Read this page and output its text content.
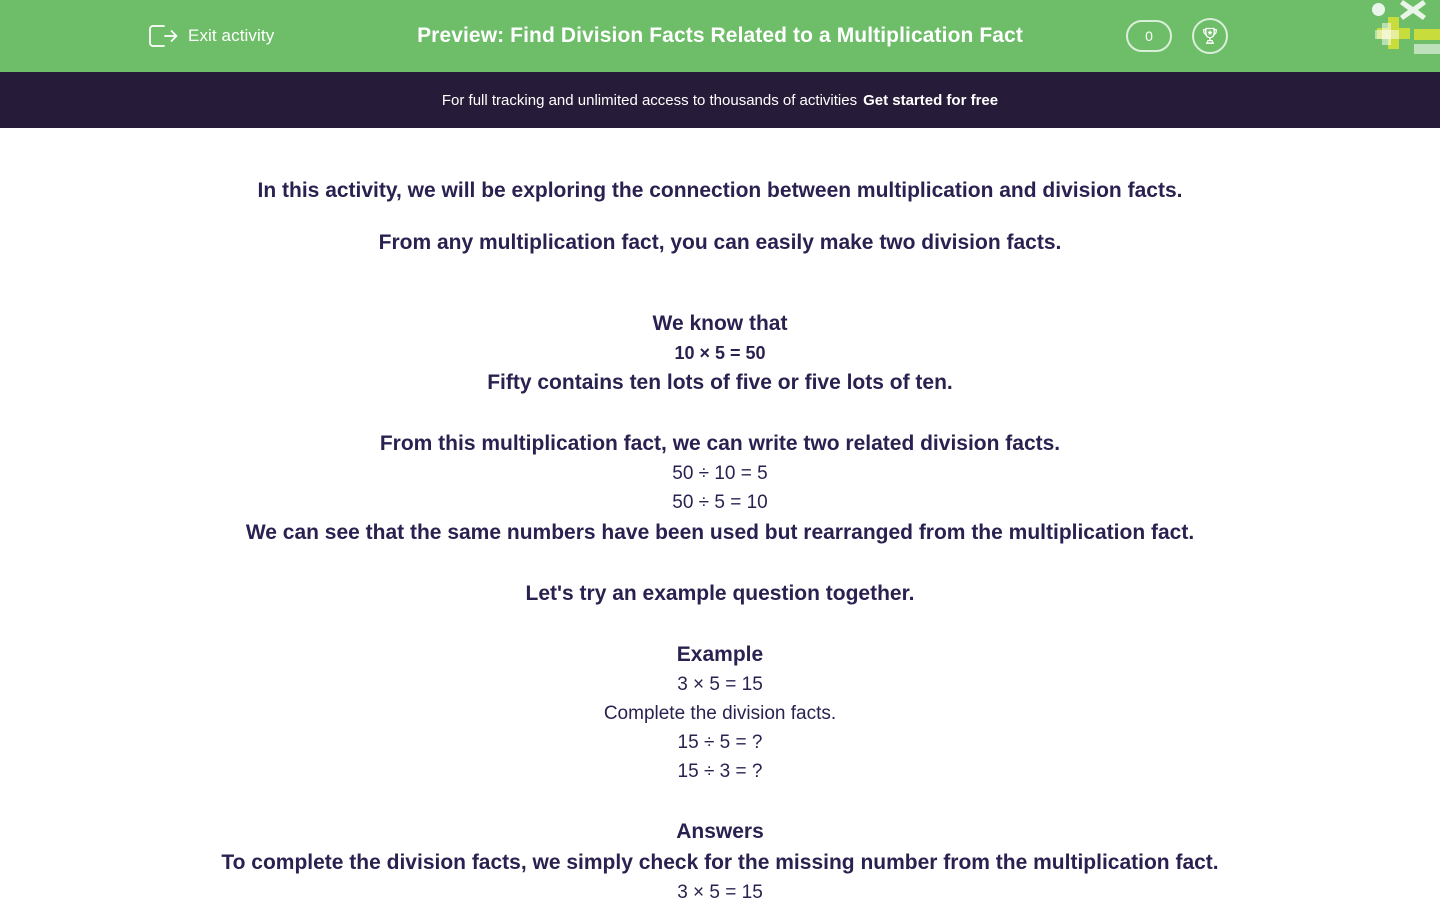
Exit activity	Preview: Find Division Facts Related to a Multiplication Fact	0
For full tracking and unlimited access to thousands of activities Get started for free
In this activity, we will be exploring the connection between multiplication and division facts.
From any multiplication fact, you can easily make two division facts.
We know that
10 × 5 = 50
Fifty contains ten lots of five or five lots of ten.
From this multiplication fact, we can write two related division facts.
50 ÷ 10 = 5
50 ÷ 5 = 10
We can see that the same numbers have been used but rearranged from the multiplication fact.
Let's try an example question together.
Example
3 × 5 = 15
Complete the division facts.
15 ÷ 5 = ?
15 ÷ 3 = ?
Answers
To complete the division facts, we simply check for the missing number from the multiplication fact.
3 × 5 = 15
